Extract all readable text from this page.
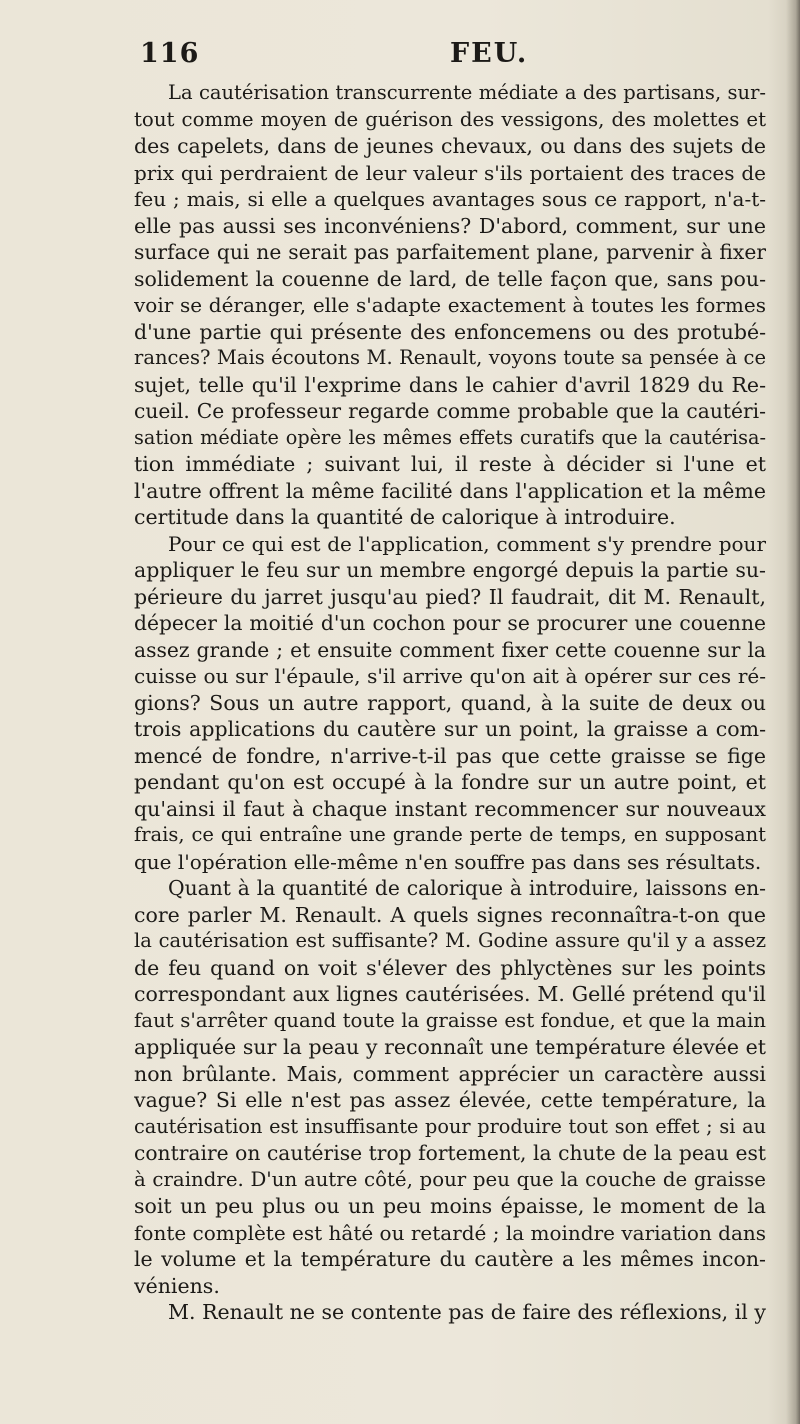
116	FEU.
La cautérisation transcurrente médiate a des partisans, sur-
tout comme moyen de guérison des vessigons, des molettes et
des capelets, dans de jeunes chevaux, ou dans des sujets de
prix qui perdraient de leur valeur s'ils portaient des traces de
feu ; mais, si elle a quelques avantages sous ce rapport, n'a-t-
elle pas aussi ses inconvéniens? D'abord, comment, sur une
surface qui ne serait pas parfaitement plane, parvenir à fixer
solidement la couenne de lard, de telle façon que, sans pou-
voir se déranger, elle s'adapte exactement à toutes les formes
d'une partie qui présente des enfoncemens ou des protubé-
rances? Mais écoutons M. Renault, voyons toute sa pensée à ce
sujet, telle qu'il l'exprime dans le cahier d'avril 1829 du Re-
cueil. Ce professeur regarde comme probable que la cautéri-
sation médiate opère les mêmes effets curatifs que la cautérisa-
tion immédiate ; suivant lui, il reste à décider si l'une et
l'autre offrent la même facilité dans l'application et la même
certitude dans la quantité de calorique à introduire.
Pour ce qui est de l'application, comment s'y prendre pour
appliquer le feu sur un membre engorgé depuis la partie su-
périeure du jarret jusqu'au pied? Il faudrait, dit M. Renault,
dépecer la moitié d'un cochon pour se procurer une couenne
assez grande ; et ensuite comment fixer cette couenne sur la
cuisse ou sur l'épaule, s'il arrive qu'on ait à opérer sur ces ré-
gions? Sous un autre rapport, quand, à la suite de deux ou
trois applications du cautère sur un point, la graisse a com-
mencé de fondre, n'arrive-t-il pas que cette graisse se fige
pendant qu'on est occupé à la fondre sur un autre point, et
qu'ainsi il faut à chaque instant recommencer sur nouveaux
frais, ce qui entraîne une grande perte de temps, en supposant
que l'opération elle-même n'en souffre pas dans ses résultats.
Quant à la quantité de calorique à introduire, laissons en-
core parler M. Renault. A quels signes reconnaîtra-t-on que
la cautérisation est suffisante? M. Godine assure qu'il y a assez
de feu quand on voit s'élever des phlyctènes sur les points
correspondant aux lignes cautérisées. M. Gellé prétend qu'il
faut s'arrêter quand toute la graisse est fondue, et que la main
appliquée sur la peau y reconnaît une température élevée et
non brûlante. Mais, comment apprécier un caractère aussi
vague? Si elle n'est pas assez élevée, cette température, la
cautérisation est insuffisante pour produire tout son effet ; si au
contraire on cautérise trop fortement, la chute de la peau est
à craindre. D'un autre côté, pour peu que la couche de graisse
soit un peu plus ou un peu moins épaisse, le moment de la
fonte complète est hâté ou retardé ; la moindre variation dans
le volume et la température du cautère a les mêmes incon-
véniens.
M. Renault ne se contente pas de faire des réflexions, il y
